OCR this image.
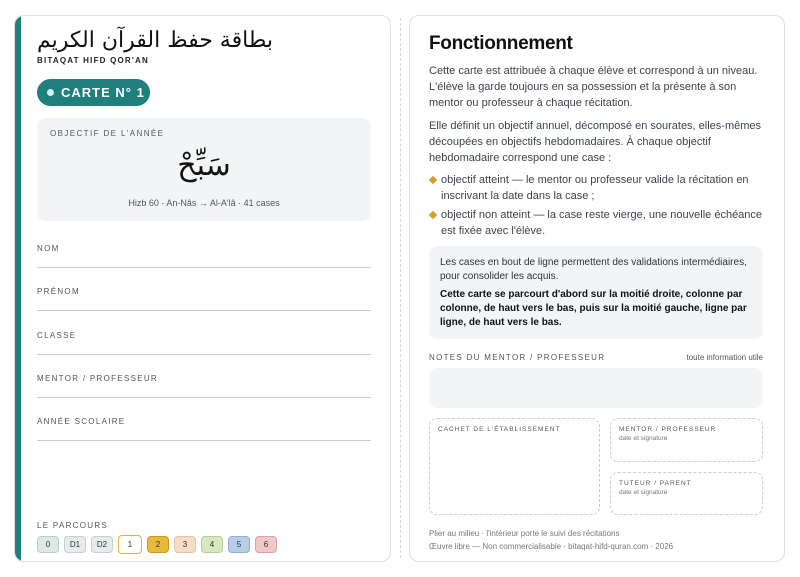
بطاقة حفظ القرآن الكريم
BITAQAT HIFD QOR'AN
CARTE N° 1
OBJECTIF DE L'ANNÉE
سَبِّحْ
Hizb 60 · An-Nâs → Al-A'lâ · 41 cases
NOM
PRÉNOM
CLASSE
MENTOR / PROFESSEUR
ANNÉE SCOLAIRE
LE PARCOURS
0	D1	D2	1	2	3	4	5	6
Fonctionnement
Cette carte est attribuée à chaque élève et correspond à un niveau. L'élève la garde toujours en sa possession et la présente à son mentor ou professeur à chaque récitation.
Elle définit un objectif annuel, décomposé en sourates, elles-mêmes découpées en objectifs hebdomadaires. À chaque objectif hebdomadaire correspond une case :
objectif atteint — le mentor ou professeur valide la récitation en inscrivant la date dans la case ;
objectif non atteint — la case reste vierge, une nouvelle échéance est fixée avec l'élève.
Les cases en bout de ligne permettent des validations intermédiaires, pour consolider les acquis.
Cette carte se parcourt d'abord sur la moitié droite, colonne par colonne, de haut vers le bas, puis sur la moitié gauche, ligne par ligne, de haut vers le bas.
NOTES DU MENTOR / PROFESSEUR	toute information utile
CACHET DE L'ÉTABLISSEMENT	MENTOR / PROFESSEUR
date et signature
TUTEUR / PARENT
date et signature
Plier au milieu · l'intérieur porte le suivi des récitations
Œuvre libre — Non commercialisable · bitaqat-hifd-quran.com · 2026
